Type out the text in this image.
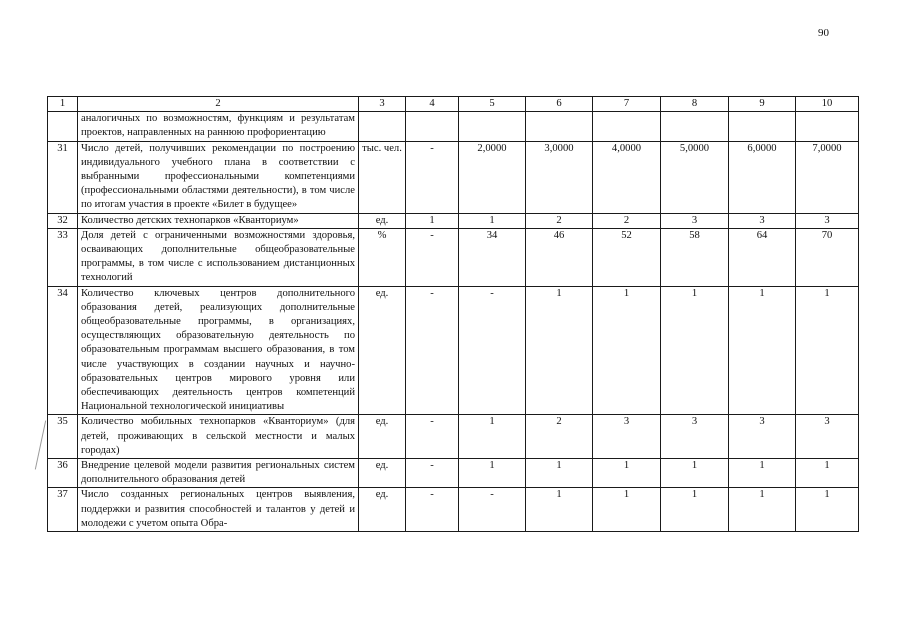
90
1	2	3	4	5	6	7	8	9	10
	аналогичных по возможностям, функциям и результатам проектов, направленных на раннюю профориентацию								
31	Число детей, получивших рекомендации по построению индивидуального учебного плана в соответствии с выбранными профессиональными компетенциями (профессиональными областями деятельности), в том числе по итогам участия в проекте «Билет в будущее»	тыс. чел.	-	2,0000	3,0000	4,0000	5,0000	6,0000	7,0000
32	Количество детских технопарков «Кванториум»	ед.	1	1	2	2	3	3	3
33	Доля детей с ограниченными возможностями здоровья, осваивающих дополнительные общеобразовательные программы, в том числе с использованием дистанционных технологий	%	-	34	46	52	58	64	70
34	Количество ключевых центров дополнительного образования детей, реализующих дополнительные общеобразовательные программы, в организациях, осуществляющих образовательную деятельность по образовательным программам высшего образования, в том числе участвующих в создании научных и научно-образовательных центров мирового уровня или обеспечивающих деятельность центров компетенций Национальной технологической инициативы	ед.	-	-	1	1	1	1	1
35	Количество мобильных технопарков «Кванториум» (для детей, проживающих в сельской местности и малых городах)	ед.	-	1	2	3	3	3	3
36	Внедрение целевой модели развития региональных систем дополнительного образования детей	ед.	-	1	1	1	1	1	1
37	Число созданных региональных центров выявления, поддержки и развития способностей и талантов у детей и молодежи с учетом опыта Обра-	ед.	-	-	1	1	1	1	1
